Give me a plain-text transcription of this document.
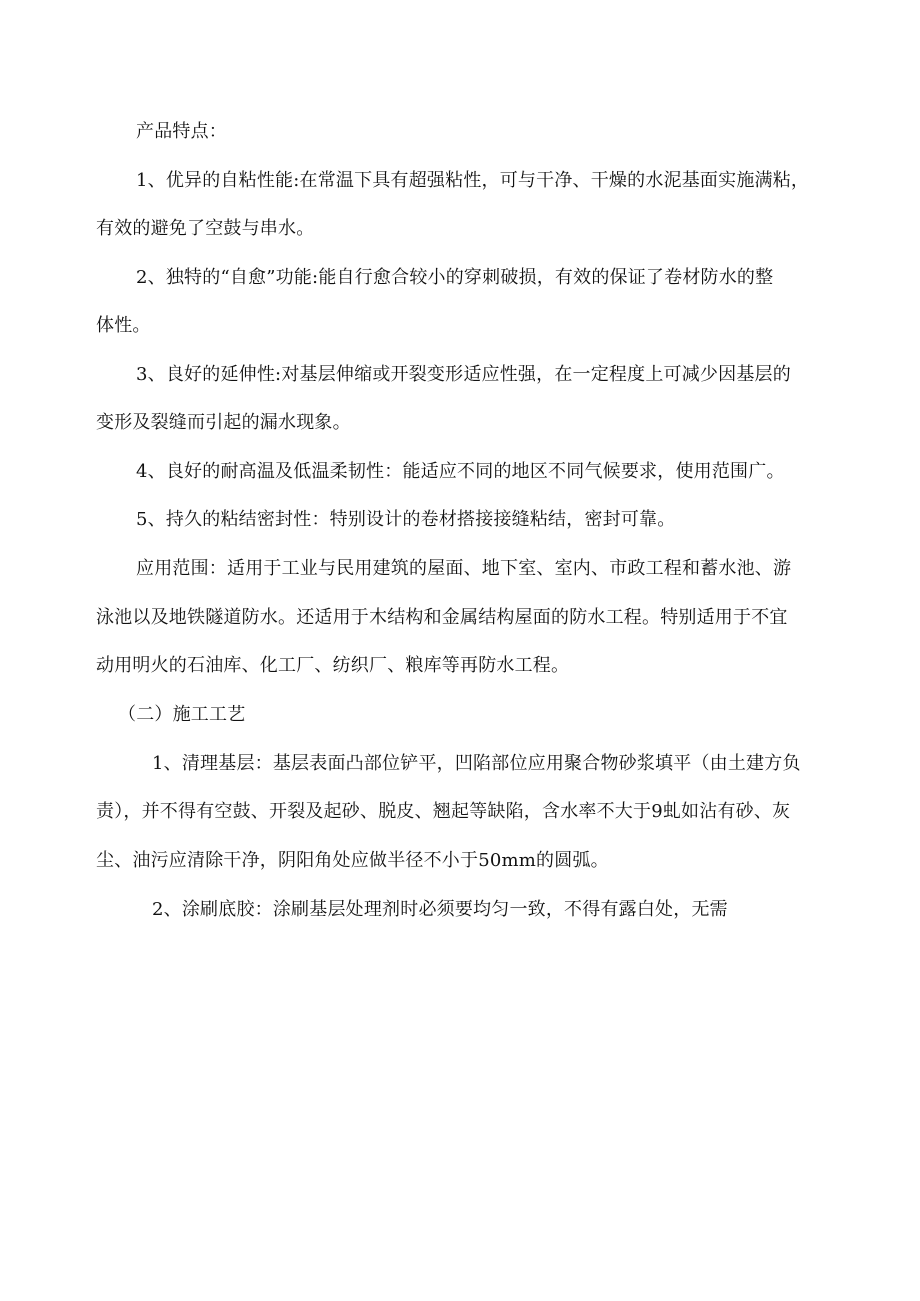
产品特点：

1、优异的自粘性能:在常温下具有超强粘性，可与干净、干燥的水泥基面实施满粘，

有效的避免了空鼓与串水。

2、独特的“自愈”功能:能自行愈合较小的穿刺破损，有效的保证了卷材防水的整

体性。

3、良好的延伸性:对基层伸缩或开裂变形适应性强，在一定程度上可减少因基层的

变形及裂缝而引起的漏水现象。

4、良好的耐高温及低温柔韧性：能适应不同的地区不同气候要求，使用范围广。

5、持久的粘结密封性：特别设计的卷材搭接接缝粘结，密封可靠。

应用范围：适用于工业与民用建筑的屋面、地下室、室内、市政工程和蓄水池、游

泳池以及地铁隧道防水。还适用于木结构和金属结构屋面的防水工程。特别适用于不宜

动用明火的石油库、化工厂、纺织厂、粮库等再防水工程。

（二）施工工艺

1、清理基层：基层表面凸部位铲平，凹陷部位应用聚合物砂浆填平（由土建方负

责），并不得有空鼓、开裂及起砂、脱皮、翘起等缺陷，含水率不大于9虬如沾有砂、灰

尘、油污应清除干净，阴阳角处应做半径不小于50mm的圆弧。

2、涂刷底胶：涂刷基层处理剂时必须要均匀一致，不得有露白处，无需
